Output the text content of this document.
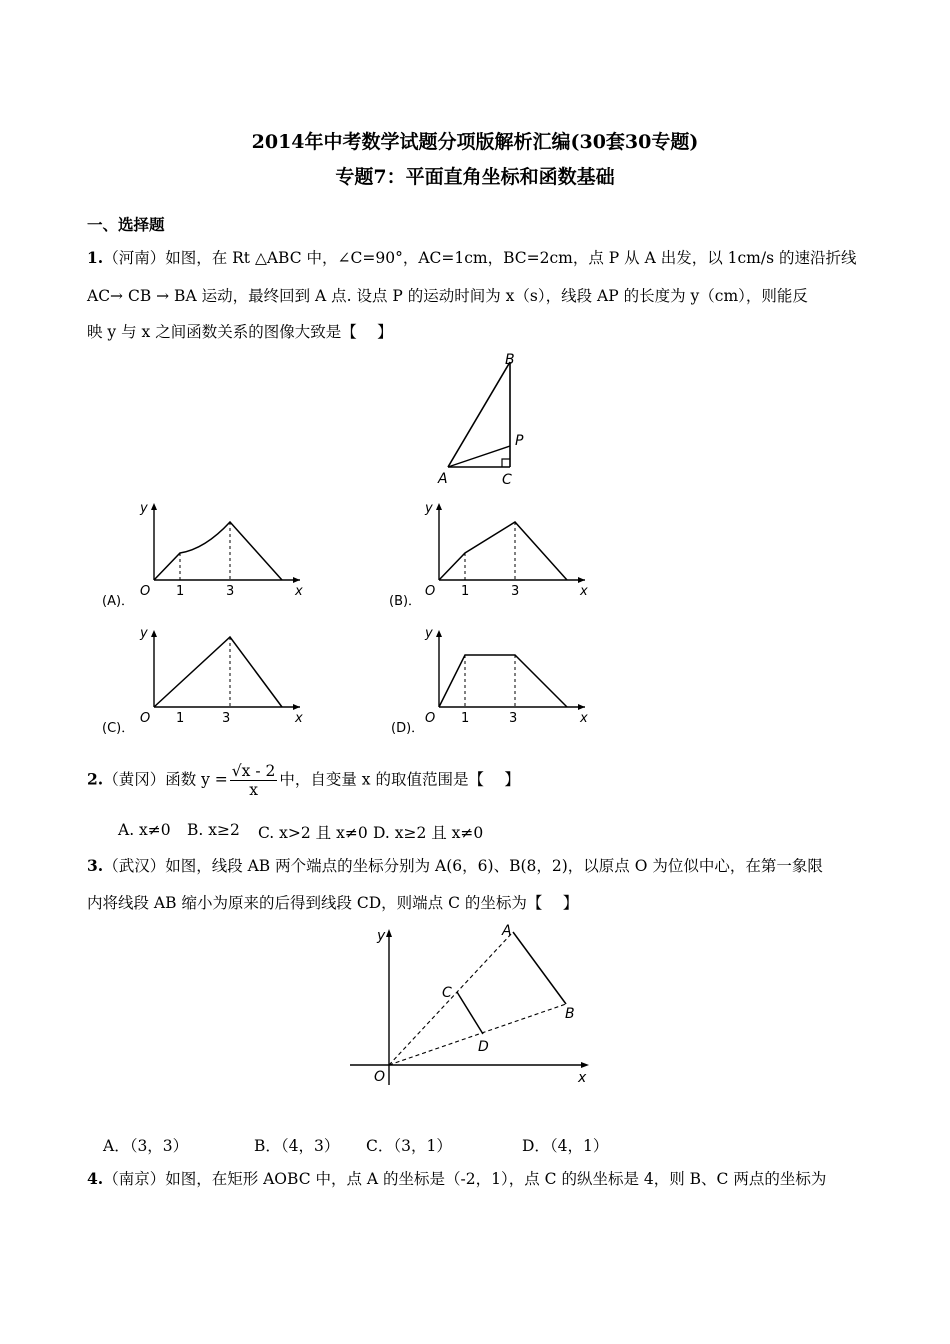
2014年中考数学试题分项版解析汇编(30套30专题)
专题7：平面直角坐标和函数基础
一、选择题
1.（河南）如图，在 Rt △ABC 中，∠C=90°，AC=1cm，BC=2cm，点 P 从 A 出发，以 1cm/s 的速沿折线
AC→ CB → BA 运动，最终回到 A 点. 设点 P 的运动时间为 x（s），线段 AP 的长度为 y（cm），则能反
映 y 与 x 之间函数关系的图像大致是【　 】
B
P
A	C
y
x
O 1	3
(A)．
y
x
O 1	3
(B)．
y
x
O 1	3
(C)．
y
x
O 1	3
(D)．
2.（黄冈）函数 $y = \frac{√x - 2}{x}$ 中，自变量 x 的取值范围是【　 】
A. x≠0 B. x≥2 C. x>2 且 x≠0 D. x≥2 且 x≠0
3.（武汉）如图，线段 AB 两个端点的坐标分别为 A(6，6)、B(8，2)，以原点 O 为位似中心，在第一象限
内将线段 AB 缩小为原来的后得到线段 CD，则端点 C 的坐标为【　 】
y
x
O
A
B
C
D
A．（3，3）	B．（4，3） C．（3，1）	D．（4，1）
4.（南京）如图，在矩形 AOBC 中，点 A 的坐标是（-2，1），点 C 的纵坐标是 4，则 B、C 两点的坐标为
